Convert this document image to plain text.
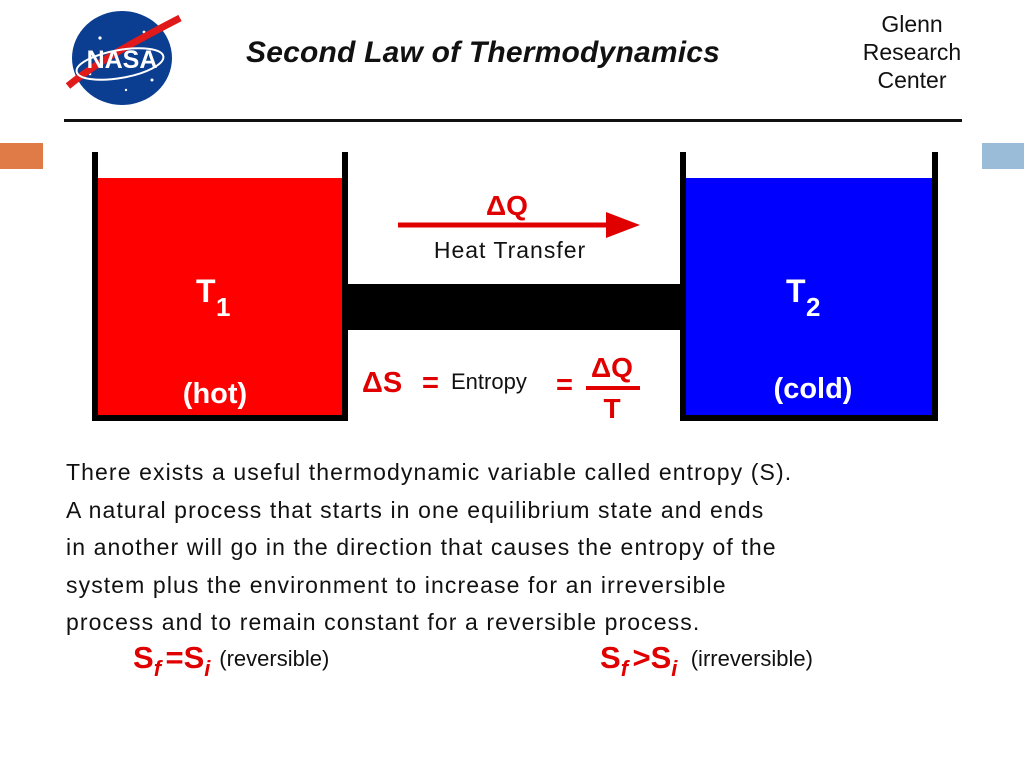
NASA	Second Law of Thermodynamics
Glenn
Research
Center
T 1
(hot)
T 2
(cold)
ΔQ
Heat Transfer
ΔS = Entropy =
ΔQ
T

There exists a useful thermodynamic variable called entropy (S).
A natural process that starts in one equilibrium state and ends
in another will go in the direction that causes the entropy of the
system plus the environment to increase for an irreversible
process and to remain constant for a reversible process.

Sf =Si (reversible)	Sf >Si (irreversible)
